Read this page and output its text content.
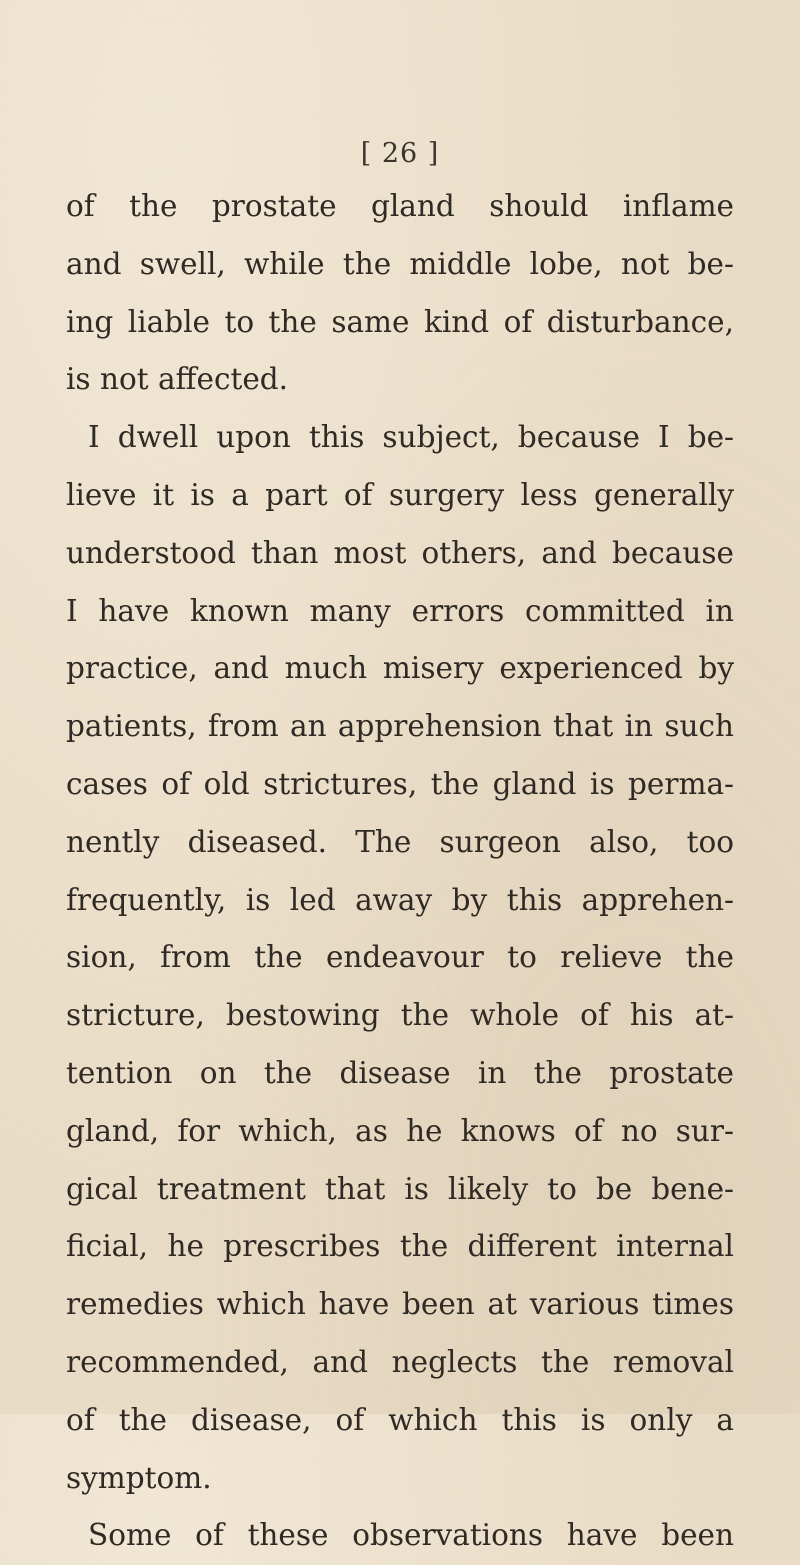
[ 26 ]
of the prostate gland should inflame
and swell, while the middle lobe, not be-
ing liable to the same kind of disturbance,
is not affected.
I dwell upon this subject, because I be-
lieve it is a part of surgery less generally
understood than most others, and because
I have known many errors committed in
practice, and much misery experienced by
patients, from an apprehension that in such
cases of old strictures, the gland is perma-
nently diseased. The surgeon also, too
frequently, is led away by this apprehen-
sion, from the endeavour to relieve the
stricture, bestowing the whole of his at-
tention on the disease in the prostate
gland, for which, as he knows of no sur-
gical treatment that is likely to be bene-
ficial, he prescribes the different internal
remedies which have been at various times
recommended, and neglects the removal
of the disease, of which this is only a
symptom.
Some of these observations have been
